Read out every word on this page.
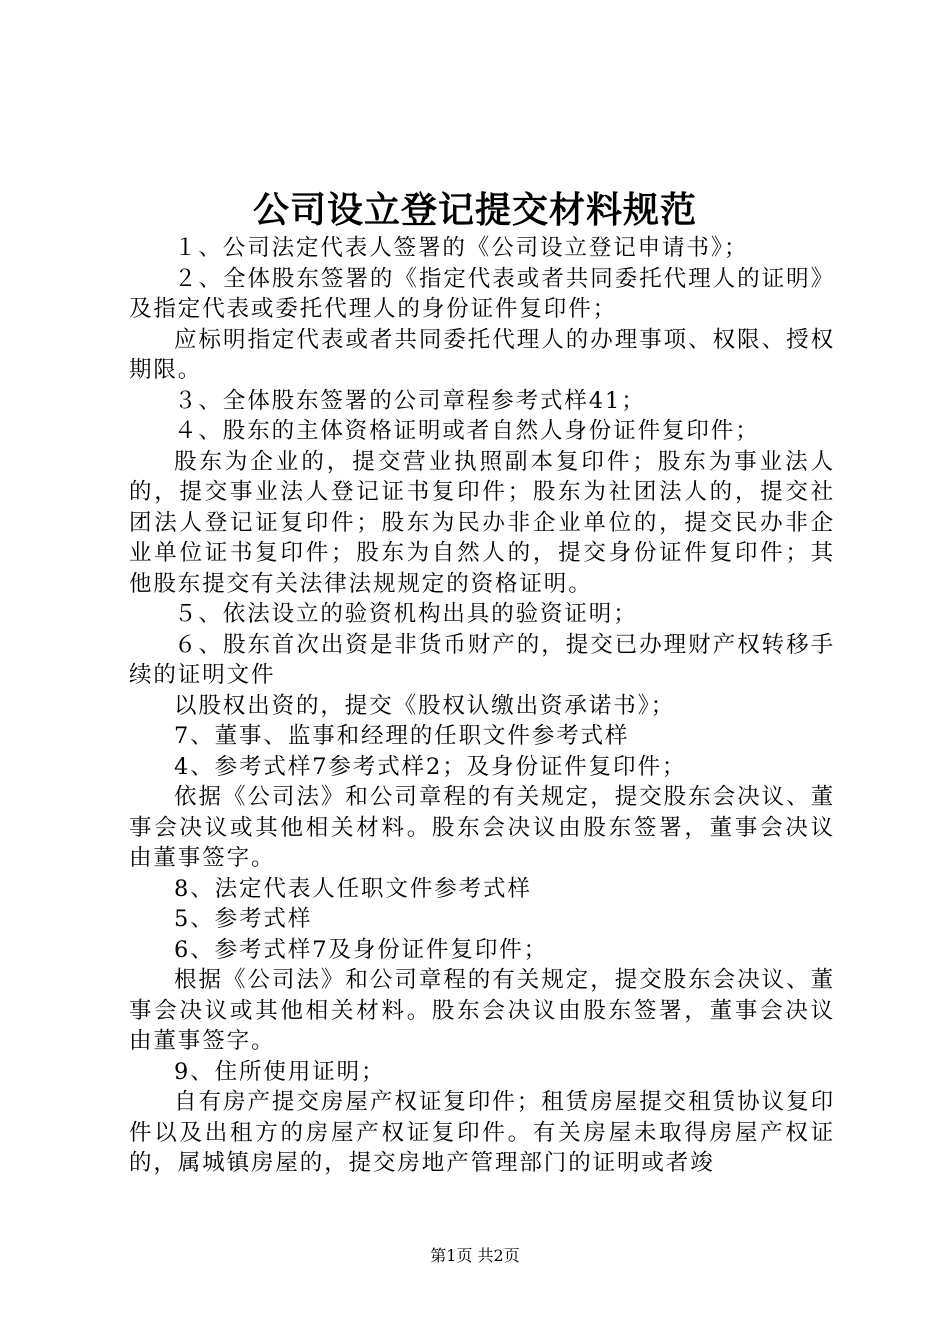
公司设立登记提交材料规范

１、公司法定代表人签署的《公司设立登记申请书》；

２、全体股东签署的《指定代表或者共同委托代理人的证明》及指定代表或委托代理人的身份证件复印件；

应标明指定代表或者共同委托代理人的办理事项、权限、授权期限。

３、全体股东签署的公司章程参考式样41；

４、股东的主体资格证明或者自然人身份证件复印件；

股东为企业的，提交营业执照副本复印件；股东为事业法人的，提交事业法人登记证书复印件；股东为社团法人的，提交社团法人登记证复印件；股东为民办非企业单位的，提交民办非企业单位证书复印件；股东为自然人的，提交身份证件复印件；其他股东提交有关法律法规规定的资格证明。

５、依法设立的验资机构出具的验资证明；

６、股东首次出资是非货币财产的，提交已办理财产权转移手续的证明文件

以股权出资的，提交《股权认缴出资承诺书》；

7、董事、监事和经理的任职文件参考式样

4、参考式样7参考式样2；及身份证件复印件；

依据《公司法》和公司章程的有关规定，提交股东会决议、董事会决议或其他相关材料。股东会决议由股东签署，董事会决议由董事签字。

8、法定代表人任职文件参考式样

5、参考式样

6、参考式样7及身份证件复印件；

根据《公司法》和公司章程的有关规定，提交股东会决议、董事会决议或其他相关材料。股东会决议由股东签署，董事会决议由董事签字。

9、住所使用证明；

自有房产提交房屋产权证复印件；租赁房屋提交租赁协议复印件以及出租方的房屋产权证复印件。有关房屋未取得房屋产权证的，属城镇房屋的，提交房地产管理部门的证明或者竣

第1页 共2页
